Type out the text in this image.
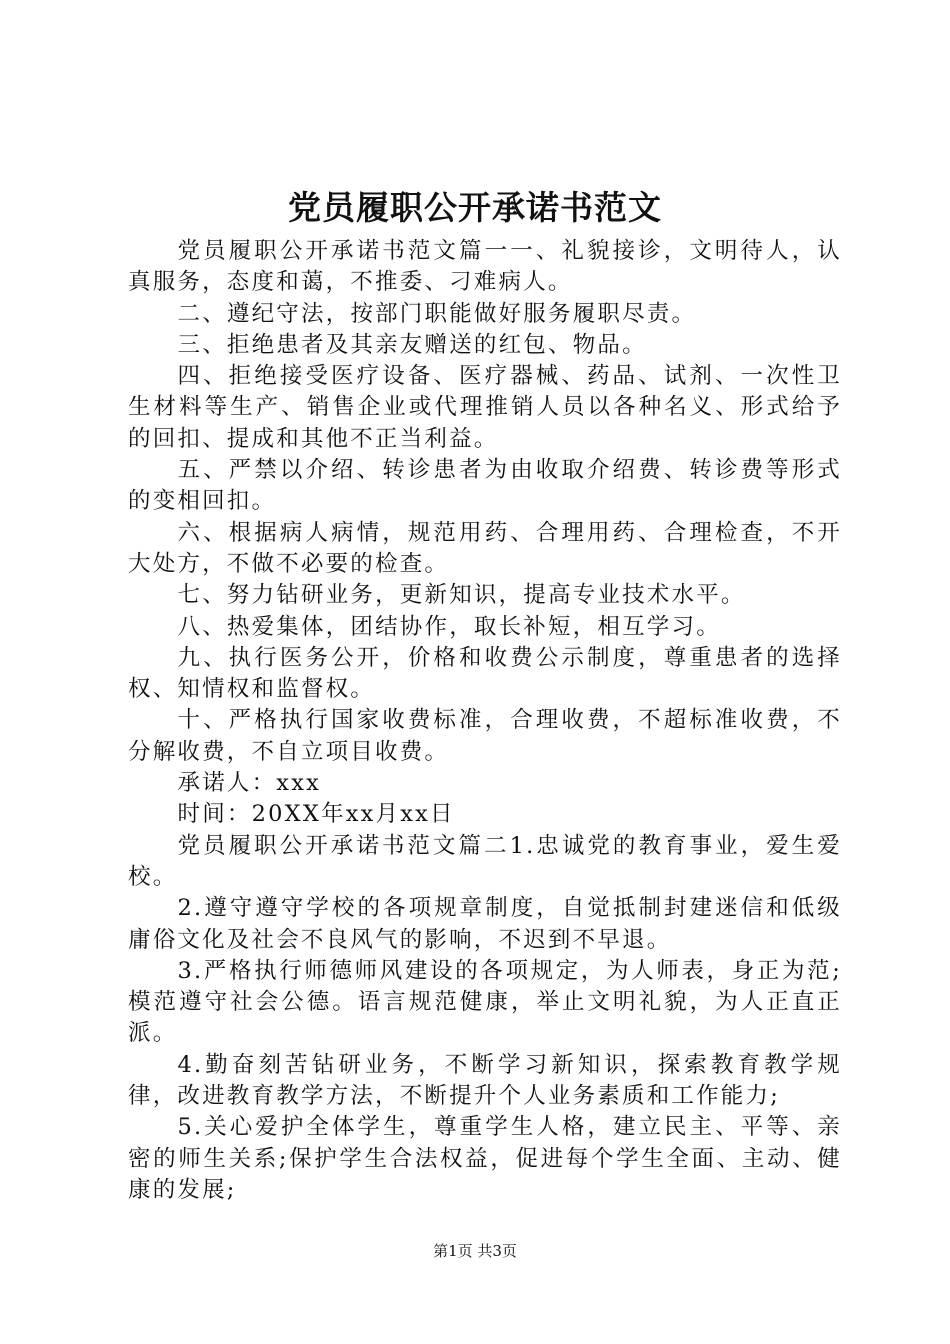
党员履职公开承诺书范文

党员履职公开承诺书范文篇一一、礼貌接诊，文明待人，认真服务，态度和蔼，不推委、刁难病人。

二、遵纪守法，按部门职能做好服务履职尽责。

三、拒绝患者及其亲友赠送的红包、物品。

四、拒绝接受医疗设备、医疗器械、药品、试剂、一次性卫生材料等生产、销售企业或代理推销人员以各种名义、形式给予的回扣、提成和其他不正当利益。

五、严禁以介绍、转诊患者为由收取介绍费、转诊费等形式的变相回扣。

六、根据病人病情，规范用药、合理用药、合理检查，不开大处方，不做不必要的检查。

七、努力钻研业务，更新知识，提高专业技术水平。

八、热爱集体，团结协作，取长补短，相互学习。

九、执行医务公开，价格和收费公示制度，尊重患者的选择权、知情权和监督权。

十、严格执行国家收费标准，合理收费，不超标准收费，不分解收费，不自立项目收费。

承诺人：xxx

时间：20XX年xx月xx日

党员履职公开承诺书范文篇二1.忠诚党的教育事业，爱生爱校。

2.遵守遵守学校的各项规章制度，自觉抵制封建迷信和低级庸俗文化及社会不良风气的影响，不迟到不早退。

3.严格执行师德师风建设的各项规定，为人师表，身正为范;模范遵守社会公德。语言规范健康，举止文明礼貌，为人正直正派。

4.勤奋刻苦钻研业务，不断学习新知识，探索教育教学规律，改进教育教学方法，不断提升个人业务素质和工作能力;

5.关心爱护全体学生，尊重学生人格，建立民主、平等、亲密的师生关系;保护学生合法权益，促进每个学生全面、主动、健康的发展;

第1页 共3页
